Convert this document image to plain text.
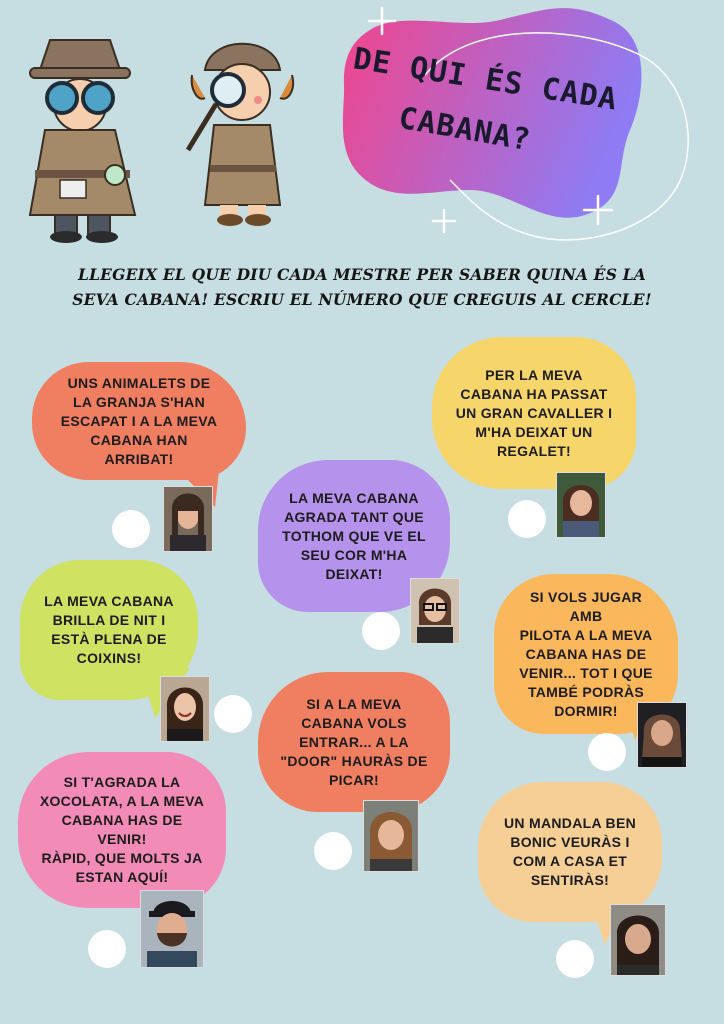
DE QUI ÉS CADA
CABANA?
LLEGEIX EL QUE DIU CADA MESTRE PER SABER QUINA ÉS LA
SEVA CABANA! ESCRIU EL NÚMERO QUE CREGUIS AL CERCLE!
UNS ANIMALETS DE
LA GRANJA S'HAN
ESCAPAT I A LA MEVA
CABANA HAN
ARRIBAT!
PER LA MEVA
CABANA HA PASSAT
UN GRAN CAVALLER I
M'HA DEIXAT UN
REGALET!
LA MEVA CABANA
AGRADA TANT QUE
TOTHOM QUE VE EL
SEU COR M'HA
DEIXAT!
LA MEVA CABANA
BRILLA DE NIT I
ESTÀ PLENA DE
COIXINS!
SI VOLS JUGAR AMB
PILOTA A LA MEVA
CABANA HAS DE
VENIR... TOT I QUE
TAMBÉ PODRÀS
DORMIR!
SI A LA MEVA
CABANA VOLS
ENTRAR... A LA
"DOOR" HAURÀS DE
PICAR!
SI T'AGRADA LA
XOCOLATA, A LA MEVA
CABANA HAS DE VENIR!
RÀPID, QUE MOLTS JA
ESTAN AQUÍ!
UN MANDALA BEN
BONIC VEURÀS I
COM A CASA ET
SENTIRÀS!
